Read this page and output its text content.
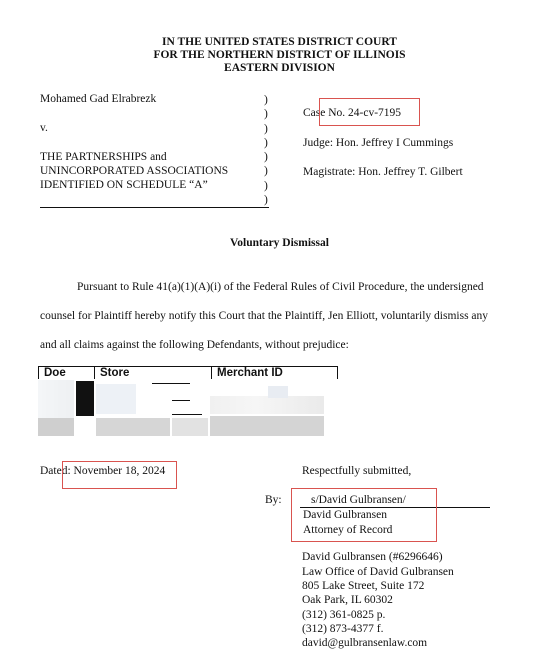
IN THE UNITED STATES DISTRICT COURT
FOR THE NORTHERN DISTRICT OF ILLINOIS
EASTERN DIVISION
Mohamed Gad Elrabrezk
v.
THE PARTNERSHIPS and
UNINCORPORATED ASSOCIATIONS
IDENTIFIED ON SCHEDULE “A”
)
)
)
)
)
)
)
)
Case No. 24-cv-7195
Judge: Hon. Jeffrey I Cummings
Magistrate: Hon. Jeffrey T. Gilbert
Voluntary Dismissal
Pursuant to Rule 41(a)(1)(A)(i) of the Federal Rules of Civil Procedure, the undersigned
counsel for Plaintiff hereby notify this Court that the Plaintiff, Jen Elliott, voluntarily dismiss any
and all claims against the following Defendants, without prejudice:
Doe	Store	Merchant ID
Dated: November 18, 2024	Respectfully submitted,
By:	s/David Gulbransen/
David Gulbransen
Attorney of Record
David Gulbransen (#6296646)
Law Office of David Gulbransen
805 Lake Street, Suite 172
Oak Park, IL 60302
(312) 361-0825 p.
(312) 873-4377 f.
david@gulbransenlaw.com
